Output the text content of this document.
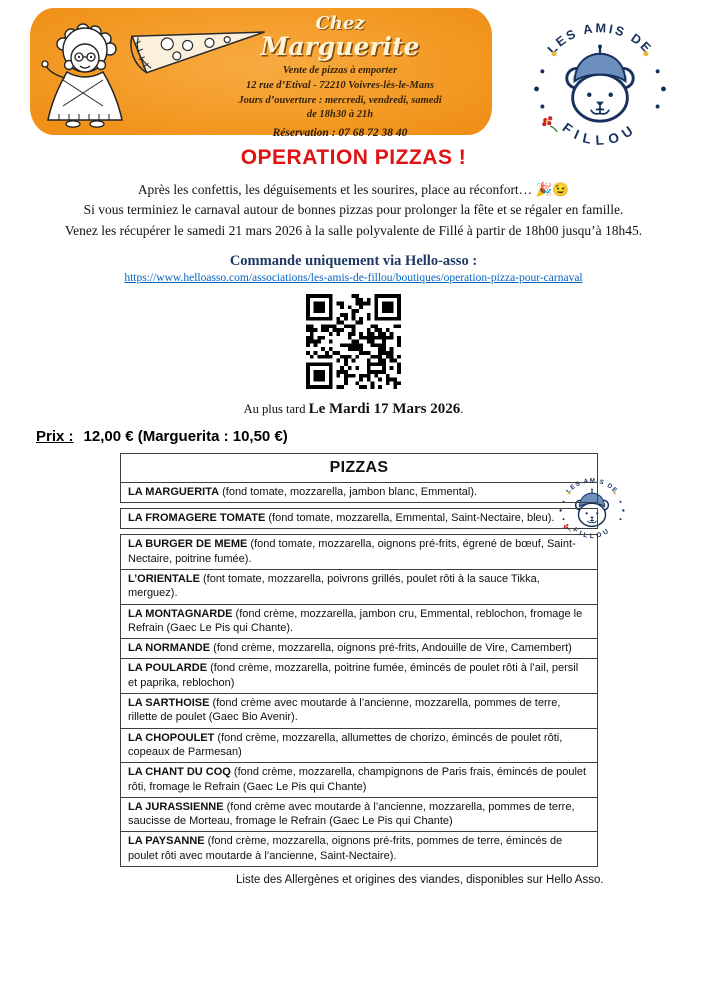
Chez
Marguerite
Vente de pizzas à emporter
12 rue d’Etival - 72210 Voivres-lès-le-Mans
Jours d’ouverture : mercredi, vendredi, samedi
de 18h30 à 21h
Réservation : 07 68 72 38 40
OPERATION PIZZAS !

Après les confettis, les déguisements et les sourires, place au réconfort… 🎉😉

Si vous terminiez le carnaval autour de bonnes pizzas pour prolonger la fête et se régaler en famille.

Venez les récupérer le samedi 21 mars 2026 à la salle polyvalente de Fillé à partir de 18h00 jusqu’à 18h45.

Commande uniquement via Hello-asso :
https://www.helloasso.com/associations/les-amis-de-fillou/boutiques/operation-pizza-pour-carnaval
Au plus tard Le Mardi 17 Mars 2026.
Prix : 12,00 € (Marguerita : 10,50 €)
PIZZAS
LA MARGUERITA (fond tomate, mozzarella, jambon blanc, Emmental).
LA FROMAGERE TOMATE (fond tomate, mozzarella, Emmental, Saint-Nectaire, bleu).
LA BURGER DE MEME (fond tomate, mozzarella, oignons pré-frits, égrené de bœuf, Saint-Nectaire, poitrine fumée).
L’ORIENTALE (font tomate, mozzarella, poivrons grillés, poulet rôti à la sauce Tikka, merguez).
LA MONTAGNARDE (fond crème, mozzarella, jambon cru, Emmental, reblochon, fromage le Refrain (Gaec Le Pis qui Chante).
LA NORMANDE (fond crème, mozzarella, oignons pré-frits, Andouille de Vire, Camembert)
LA POULARDE (fond crème, mozzarella, poitrine fumée, émincés de poulet rôti à l’ail, persil et paprika, reblochon)
LA SARTHOISE (fond crème avec moutarde à l’ancienne, mozzarella, pommes de terre, rillette de poulet (Gaec Bio Avenir).
LA CHOPOULET (fond crème, mozzarella, allumettes de chorizo, émincés de poulet rôti, copeaux de Parmesan)
LA CHANT DU COQ (fond crème, mozzarella, champignons de Paris frais, émincés de poulet rôti, fromage le Refrain (Gaec Le Pis qui Chante)
LA JURASSIENNE (fond crème avec moutarde à l’ancienne, mozzarella, pommes de terre, saucisse de Morteau, fromage le Refrain (Gaec Le Pis qui Chante)
LA PAYSANNE (fond crème, mozzarella, oignons pré-frits, pommes de terre, émincés de poulet rôti avec moutarde à l’ancienne, Saint-Nectaire).
Liste des Allergènes et origines des viandes, disponibles sur Hello Asso.
